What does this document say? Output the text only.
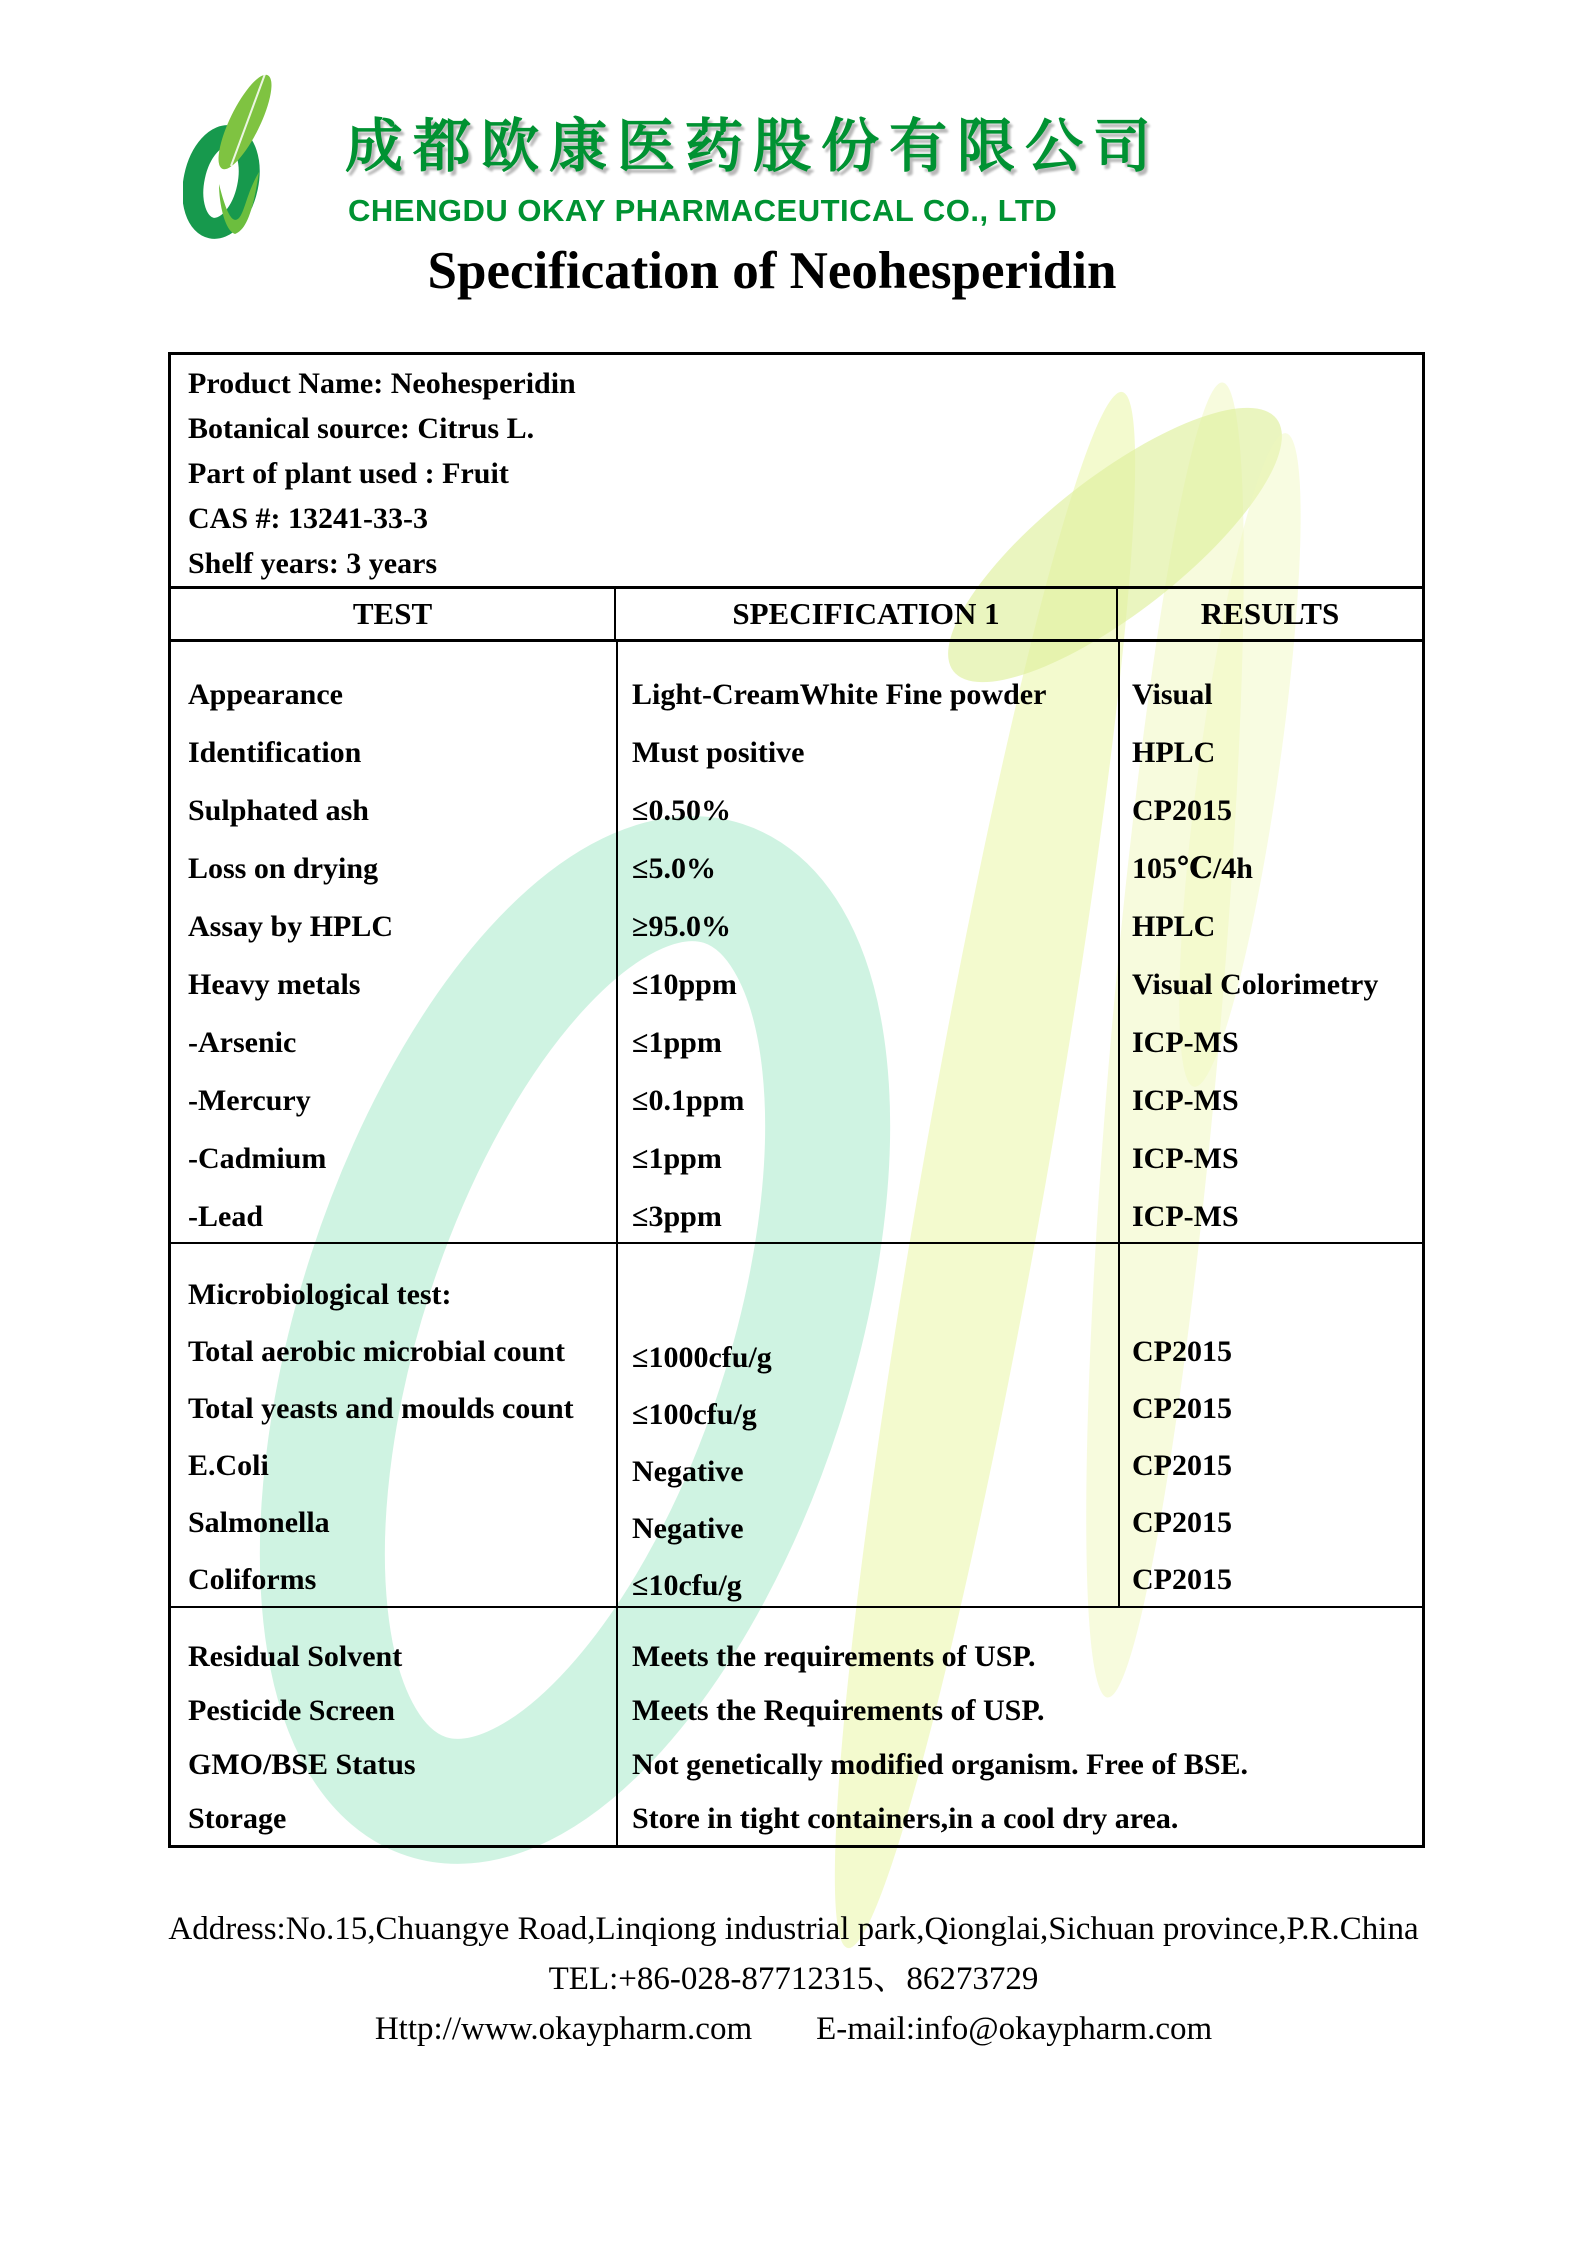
成都欧康医药股份有限公司
CHENGDU OKAY PHARMACEUTICAL CO., LTD
Specification of Neohesperidin
Product Name: Neohesperidin
Botanical source: Citrus L.
Part of plant used : Fruit
CAS #: 13241-33-3
Shelf years: 3 years
TEST	SPECIFICATION 1	RESULTS
Appearance	Light-CreamWhite Fine powder	Visual
Identification	Must positive	HPLC
Sulphated ash	≤0.50%	CP2015
Loss on drying	≤5.0%	105℃/4h
Assay by HPLC	≥95.0%	HPLC
Heavy metals	≤10ppm	Visual Colorimetry
-Arsenic	≤1ppm	ICP-MS
-Mercury	≤0.1ppm	ICP-MS
-Cadmium	≤1ppm	ICP-MS
-Lead	≤3ppm	ICP-MS
Microbiological test:
Total aerobic microbial count	≤1000cfu/g	CP2015
Total yeasts and moulds count	≤100cfu/g	CP2015
E.Coli	Negative	CP2015
Salmonella	Negative	CP2015
Coliforms	≤10cfu/g	CP2015
Residual Solvent	Meets the requirements of USP.
Pesticide Screen	Meets the Requirements of USP.
GMO/BSE Status	Not genetically modified organism. Free of BSE.
Storage	Store in tight containers,in a cool dry area.
Address:No.15,Chuangye Road,Linqiong industrial park,Qionglai,Sichuan province,P.R.China
TEL:+86-028-87712315、86273729
Http://www.okaypharm.com E-mail:info@okaypharm.com
